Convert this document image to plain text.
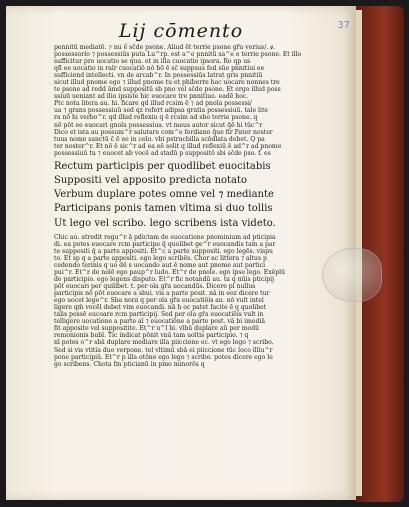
37
Lij cōmento
pennitū mediatē. ⁊ nu ē sc̄de psone. Aliud ẽt terrie psone gr̄a verius/. ꝟ.
possessorio ⁊ possessiūs puta Lu^rp. est a^e pnnitū sa^e e terrie psone. Et illo
sufficitur pro uocatio se qua. et in illa cuocatio ipsora. Ro qp us
qñ̄ ee uocatio in ralr cuocatiō nō hō ē sc̄ suppsus fed sūe pnnitiui ee
sufficiend intellecti. vn de arcab^r. In possessiūs latrat gris pnnitiū
sicut illud pnome ego ⁊ illud pnome tu et phiberre hac uocare nonnes tre
te psone ad redd āmd suppositū sb pno vel sc̄de psone. Et ergo illud poss
ssiuū ueniant ad ilio ipsiste hic euocare tre pnnitiuo. eadē hoc.
Ptc nota litera au. hi. ficare qd illud rcsim ē ⁊ ad pnola possessi/
ua ⁊ grans possessiuū sed qz refert adipsa gratia possessiuū. tale lite
ra nō hi verbo^r. qd illud reflexiu q ē rcsim ad sb̄o terrie psone. q
nō pōt ee euocari gnola possessiua. vt meus autor sicut q̄ē hi tūc^r
Dico et ista au possum^r salutare com^e ferdiano q̄ue fir Pater noster
tuus nome sanctū c̄ ē ee in celo. vbi pstrucbilla scōdlata debet. Q pa
ter noster^r. Et nō ē sic^r ad ea eē solit q illud reflexiū ē ad^r ad pnome
possessiuū tu ⁊ euocet ab vocē ad stadū p suppositō sbi sc̄de pso. f. es
Rectum participis per quodlibet euocitabis
Suppositi vel apposito predicta notato
Verbum duplare potes omne vel ⁊ mediante
Participans ponis tamen vltima si duo tollis
Ut lego vel scribo. lego scribens ista videto.
Chic au. atredit regu^r ā pdictam de euocatione pnominium ad pticipia
di. ea potes euocare rcm participe q̄ quolibet ge^r euocandis tam a par
te suppositi q̄ a parte appositi. Et^c a parte suppositi. ego legēs. vispu
to. Et sp q a parte appositi. ego lego scribēs. Chor ac littera ⁊ altus p
cedendo terinis q uo dē s uocando aut ē nome aut pnome aut partici
pui^r. Et^r de nolē ego paup^r ludo. Et^r de pnole. ego ipse lego. Exēplū
de participio. ego legens disputo. Et^r fic notandū au. ta q nūis pticipij
pōt euocari per quilibet. t. per ola gr̄a uocandūs. Dicere pl nullus
participis nō pōt euocare a sb̄ui. vis a parte posit. nā in eoz dicere tur
ego uocet lego^r. Sb̄a nora q per ola gr̄a euocatiōis au. nō vult intel
ligere qm̄ vocēl debet vim euocandi. nā h oc patet facite ē q quolibet
talis possē eucoare rcm participij. Sed per ola gr̄a euocatiōis vult in
telligere uocatione a parte aī ⁊ euocatiōne a parte post. vā bi imediā
fit apposite vel suppositite. Et^r u^l bi. vībū duplare aū per modū
remonionis bubī. Tic indicat pōnit vnā tam uoītis participio. ⁊ q
nī potes o^r sbā duplare mediare illa piiccione ec. vt ego lego ⁊ scribo.
Sed si vis vtitia duo verpone. tel vltimū sbā ei piiccione tūc loco illiu^r
pone participiū. Et^r p illa otōne ego lego ⁊ scribo. potes dicere ego le
go scribens. Chota fm pticianū in pmo minorōs q
